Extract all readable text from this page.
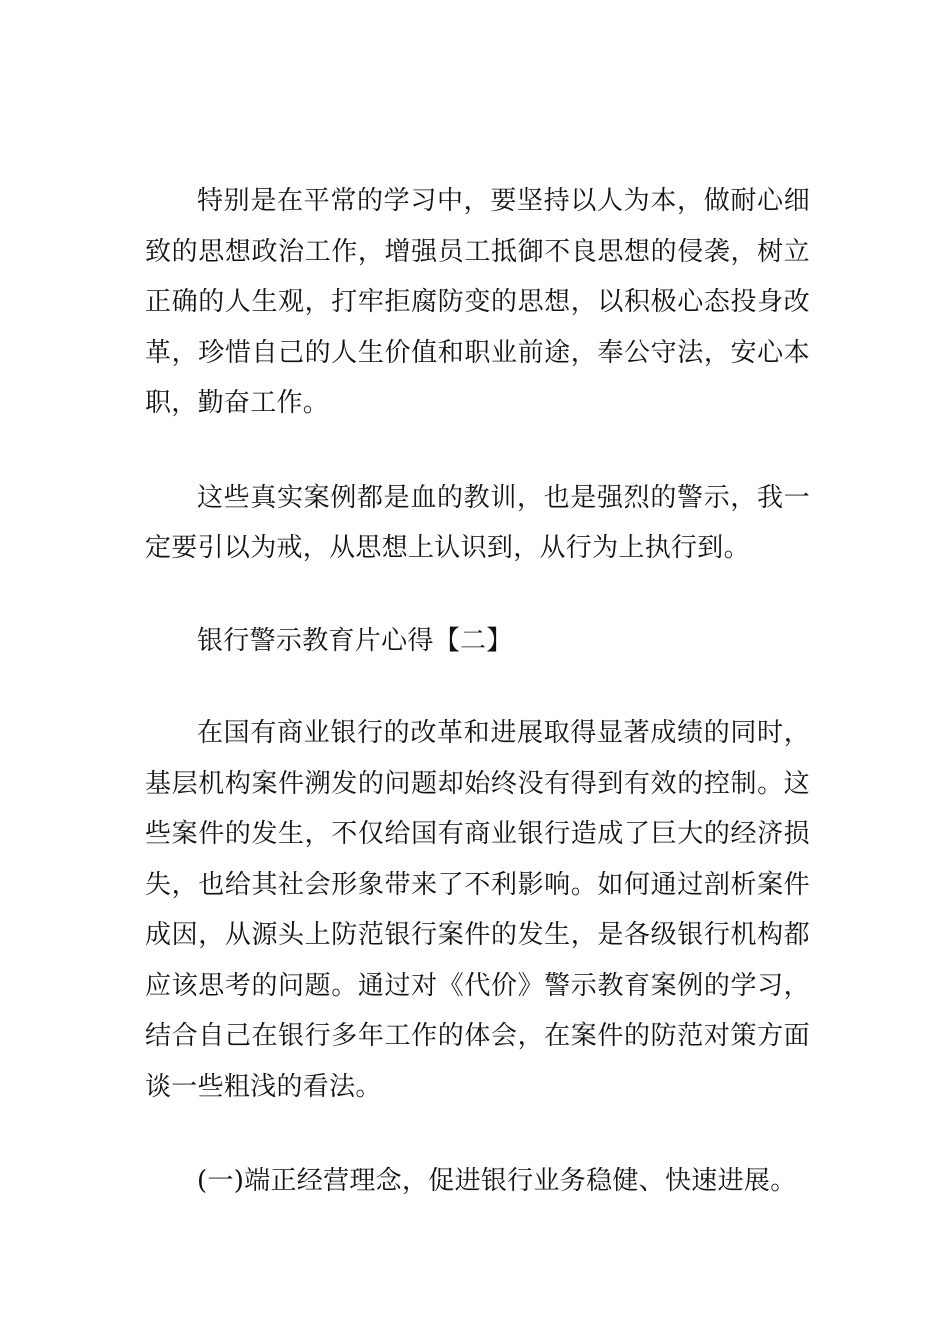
特别是在平常的学习中，要坚持以人为本，做耐心细致的思想政治工作，增强员工抵御不良思想的侵袭，树立正确的人生观，打牢拒腐防变的思想，以积极心态投身改革，珍惜自己的人生价值和职业前途，奉公守法，安心本职，勤奋工作。

这些真实案例都是血的教训，也是强烈的警示，我一定要引以为戒，从思想上认识到，从行为上执行到。

银行警示教育片心得【二】

在国有商业银行的改革和进展取得显著成绩的同时，基层机构案件溯发的问题却始终没有得到有效的控制。这些案件的发生，不仅给国有商业银行造成了巨大的经济损失，也给其社会形象带来了不利影响。如何通过剖析案件成因，从源头上防范银行案件的发生，是各级银行机构都应该思考的问题。通过对《代价》警示教育案例的学习，结合自己在银行多年工作的体会，在案件的防范对策方面谈一些粗浅的看法。

(一)端正经营理念，促进银行业务稳健、快速进展。
